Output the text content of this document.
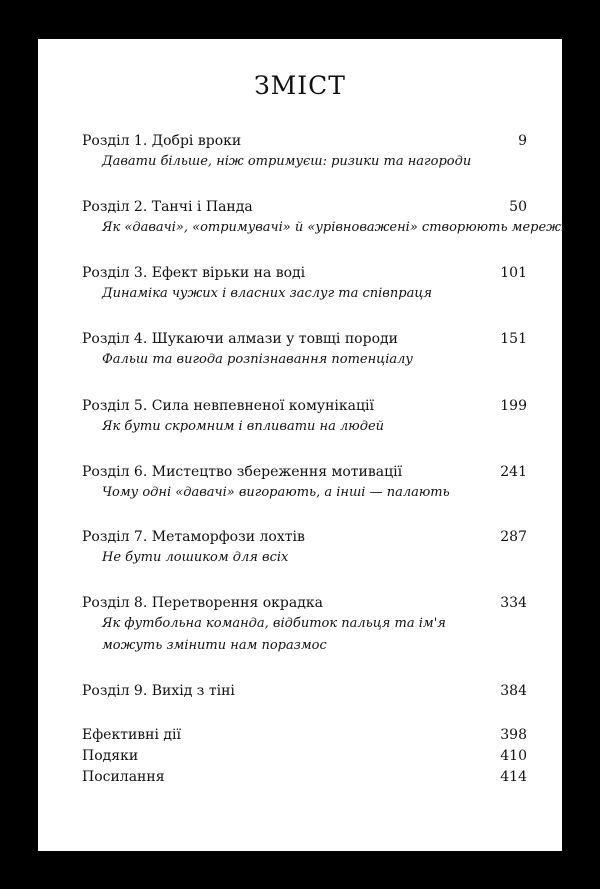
ЗМІСТ
Розділ 1. Добрі вроки	9
Давати більше, ніж отримуєш: ризики та нагороди
Розділ 2. Танчі і Панда	50
Як «давачі», «отримувачі» й «урівноважені» створюють мережі
Розділ 3. Ефект вірьки на воді	101
Динаміка чужих і власних заслуг та співпраця
Розділ 4. Шукаючи алмази у товщі породи	151
Фальш та вигода розпізнавання потенціалу
Розділ 5. Сила невпевненої комунікації	199
Як бути скромним і впливати на людей
Розділ 6. Мистецтво збереження мотивації	241
Чому одні «давачі» вигорають, а інші — палають
Розділ 7. Метаморфози лохтів	287
Не бути лошиком для всіх
Розділ 8. Перетворення окрадка	334
Як футбольна команда, відбиток пальця та ім'я
можуть змінити нам поразмос
Розділ 9. Вихід з тіні	384
Ефективні дії	398
Подяки	410
Посилання	414
